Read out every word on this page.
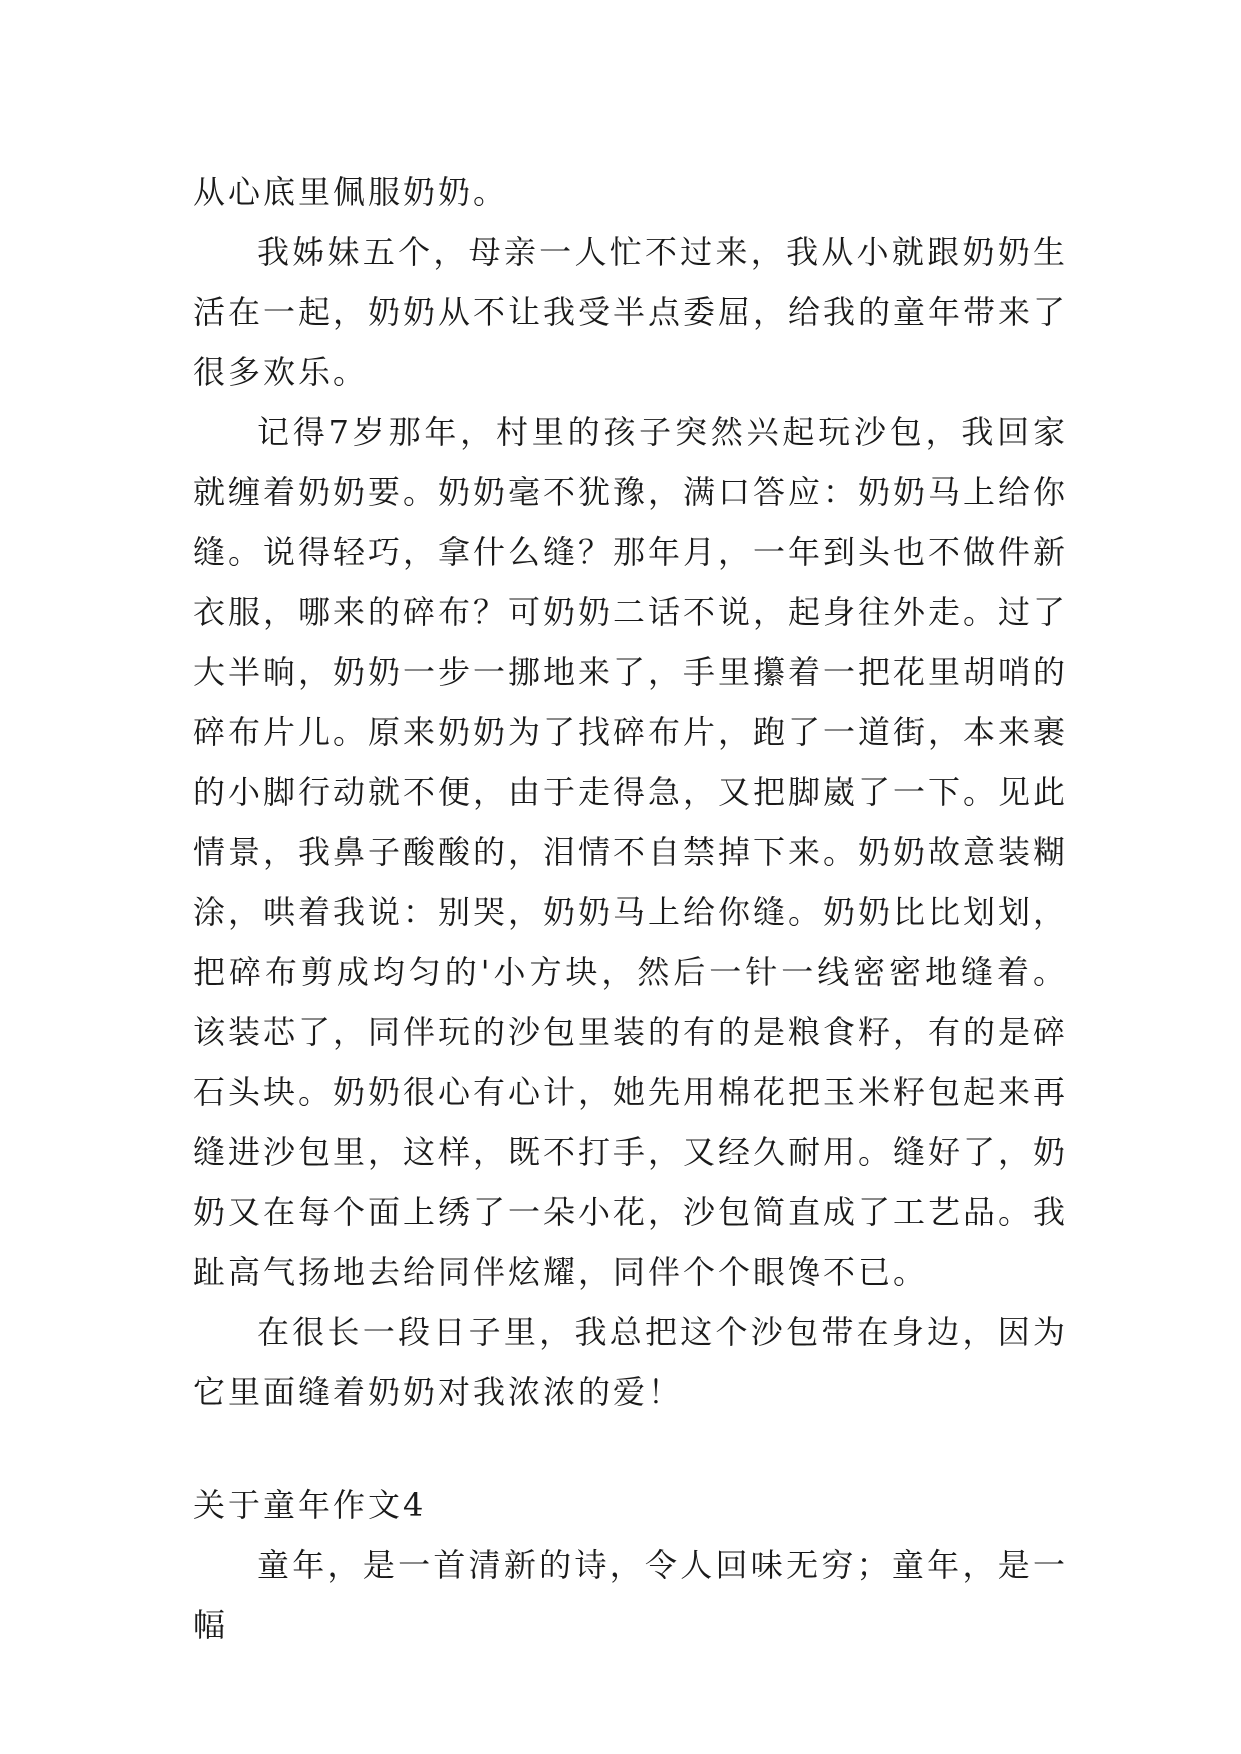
从心底里佩服奶奶。

我姊妹五个，母亲一人忙不过来，我从小就跟奶奶生活在一起，奶奶从不让我受半点委屈，给我的童年带来了很多欢乐。

记得7岁那年，村里的孩子突然兴起玩沙包，我回家就缠着奶奶要。奶奶毫不犹豫，满口答应：奶奶马上给你缝。说得轻巧，拿什么缝？那年月，一年到头也不做件新衣服，哪来的碎布？可奶奶二话不说，起身往外走。过了大半晌，奶奶一步一挪地来了，手里攥着一把花里胡哨的碎布片儿。原来奶奶为了找碎布片，跑了一道街，本来裹的小脚行动就不便，由于走得急，又把脚崴了一下。见此情景，我鼻子酸酸的，泪情不自禁掉下来。奶奶故意装糊涂，哄着我说：别哭，奶奶马上给你缝。奶奶比比划划，把碎布剪成均匀的'小方块，然后一针一线密密地缝着。该装芯了，同伴玩的沙包里装的有的是粮食籽，有的是碎石头块。奶奶很心有心计，她先用棉花把玉米籽包起来再缝进沙包里，这样，既不打手，又经久耐用。缝好了，奶奶又在每个面上绣了一朵小花，沙包简直成了工艺品。我趾高气扬地去给同伴炫耀，同伴个个眼馋不已。

在很长一段日子里，我总把这个沙包带在身边，因为它里面缝着奶奶对我浓浓的爱！

关于童年作文4

童年，是一首清新的诗，令人回味无穷；童年，是一幅
